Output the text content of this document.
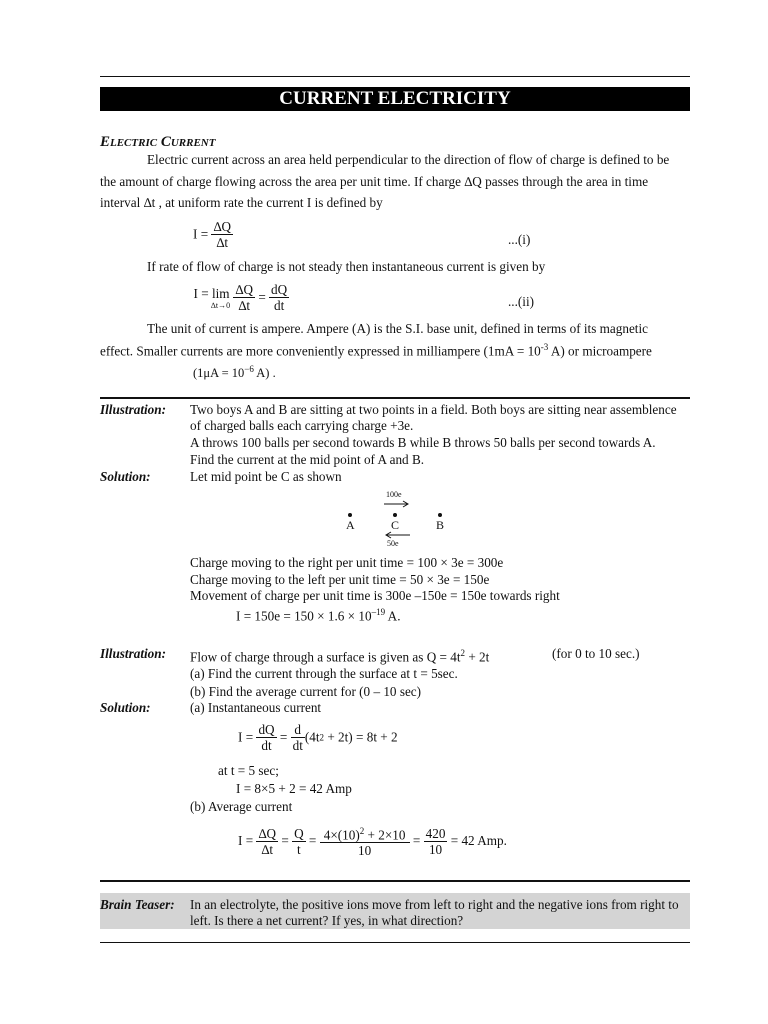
CURRENT ELECTRICITY
Electric Current
Electric current across an area held perpendicular to the direction of flow of charge is defined to be
the amount of charge flowing across the area per unit time. If charge ∆Q passes through the area in time
interval ∆t , at uniform rate the current I is defined by
$I = \frac{\Delta Q}{\Delta t}$	...(i)
If rate of flow of charge is not steady then instantaneous current is given by
I = lim
∆t→0
$\frac{\Delta Q}{\Delta t} = \frac{dQ}{dt}$	...(ii)
The unit of current is ampere. Ampere (A) is the S.I. base unit, defined in terms of its magnetic
effect. Smaller currents are more conveniently expressed in milliampere ($1mA = 10^{-3}$ A) or microampere
($1\mu A = 10^{-6}$ A) .
Illustration: Two boys A and B are sitting at two points in a field. Both boys are sitting near assemblence
of charged balls each carrying charge +3e.
A throws 100 balls per second towards B while B throws 50 balls per second towards A.
Find the current at the mid point of A and B.
Solution:	Let mid point be C as shown
100e
A	C	B
50e
Charge moving to the right per unit time = 100 × 3e = 300e
Charge moving to the left per unit time = 50 × 3e = 150e
Movement of charge per unit time is 300e –150e = 150e towards right
$I = 150e = 150 \times 1.6 \times 10^{-19}$ A.
Illustration: Flow of charge through a surface is given as $Q = 4t^2 + 2t$	(for 0 to 10 sec.)
(a) Find the current through the surface at t = 5sec.
(b) Find the average current for (0 – 10 sec)
Solution:	(a) Instantaneous current
$I = \frac{dQ}{dt} = \frac{d}{dt} (4t2 + 2t) = 8t + 2$
at t = 5 sec;
I = 8×5 + 2 = 42 Amp
(b) Average current
$I = \frac{\Delta Q}{\Delta t} = \frac{Q}{t} = \frac{4\times(10)^2 + 2\times 10}{10} = \frac{420}{10} = 42$ Amp.
Brain Teaser: In an electrolyte, the positive ions move from left to right and the negative ions from right to
left. Is there a net current? If yes, in what direction?
